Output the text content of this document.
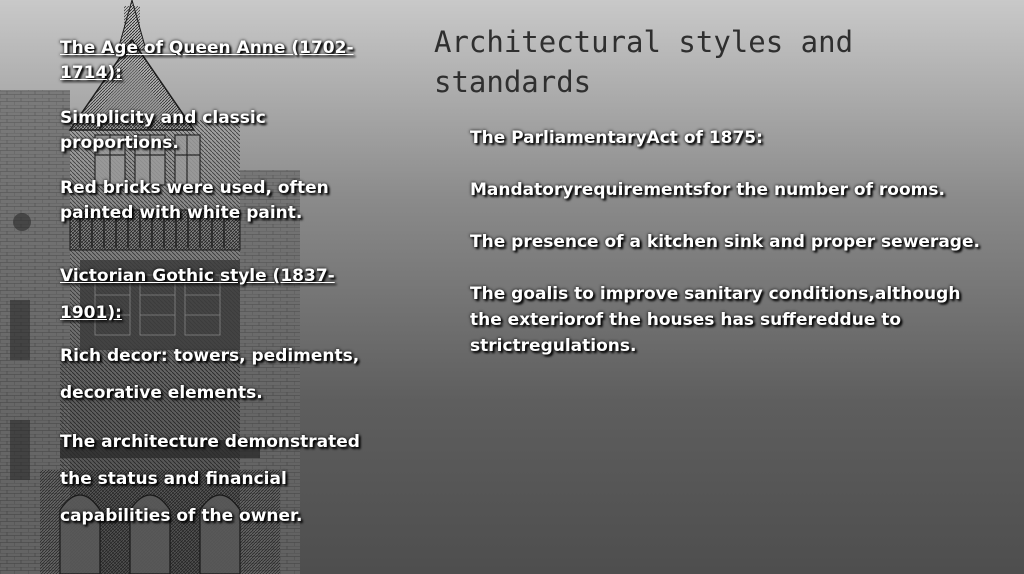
Architectural styles and standards

The Age of Queen Anne (1702-1714):

Simplicity and classic proportions.

Red bricks were used, often painted with white paint.

Victorian Gothic style (1837-1901):

Rich decor: towers, pediments, decorative elements.

The architecture demonstrated the status and financial capabilities of the owner.

The ParliamentaryAct of 1875:

Mandatoryrequirementsfor the number of rooms.

The presence of a kitchen sink and proper sewerage.

The goalis to improve sanitary conditions,although the exteriorof the houses has suffereddue to strictregulations.
